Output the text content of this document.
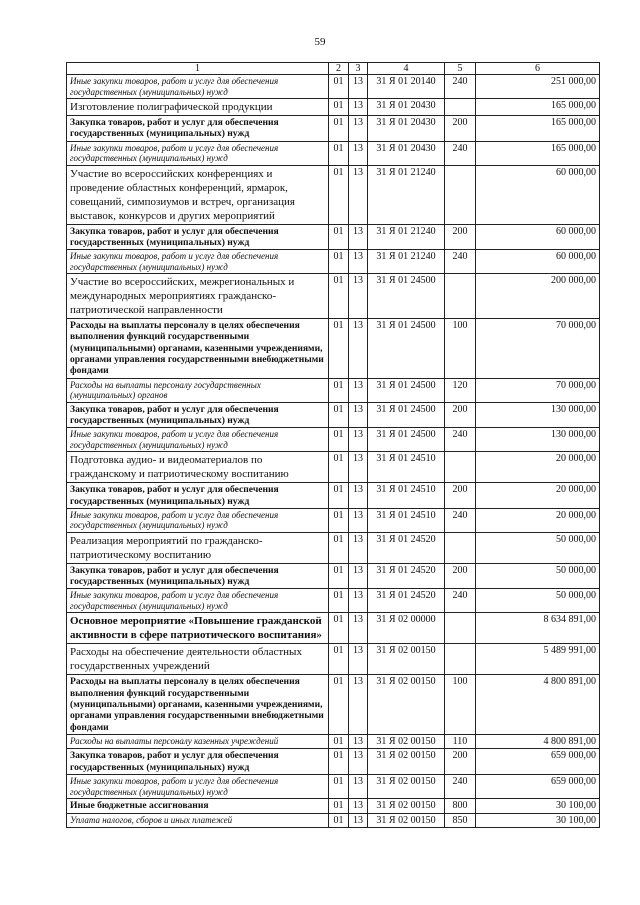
59
1	2	3	4	5	6
Иные закупки товаров, работ и услуг для обеспечения государственных (муниципальных) нужд	01	13	31 Я 01 20140	240	251 000,00
Изготовление полиграфической продукции	01	13	31 Я 01 20430		165 000,00
Закупка товаров, работ и услуг для обеспечения государственных (муниципальных) нужд	01	13	31 Я 01 20430	200	165 000,00
Иные закупки товаров, работ и услуг для обеспечения государственных (муниципальных) нужд	01	13	31 Я 01 20430	240	165 000,00
Участие во всероссийских конференциях и проведение областных конференций, ярмарок, совещаний, симпозиумов и встреч, организация выставок, конкурсов и других мероприятий	01	13	31 Я 01 21240		60 000,00
Закупка товаров, работ и услуг для обеспечения государственных (муниципальных) нужд	01	13	31 Я 01 21240	200	60 000,00
Иные закупки товаров, работ и услуг для обеспечения государственных (муниципальных) нужд	01	13	31 Я 01 21240	240	60 000,00
Участие во всероссийских, межрегиональных и международных мероприятиях гражданско-патриотической направленности	01	13	31 Я 01 24500		200 000,00
Расходы на выплаты персоналу в целях обеспечения выполнения функций государственными (муниципальными) органами, казенными учреждениями, органами управления государственными внебюджетными фондами	01	13	31 Я 01 24500	100	70 000,00
Расходы на выплаты персоналу государственных (муниципальных) органов	01	13	31 Я 01 24500	120	70 000,00
Закупка товаров, работ и услуг для обеспечения государственных (муниципальных) нужд	01	13	31 Я 01 24500	200	130 000,00
Иные закупки товаров, работ и услуг для обеспечения государственных (муниципальных) нужд	01	13	31 Я 01 24500	240	130 000,00
Подготовка аудио- и видеоматериалов по гражданскому и патриотическому воспитанию	01	13	31 Я 01 24510		20 000,00
Закупка товаров, работ и услуг для обеспечения государственных (муниципальных) нужд	01	13	31 Я 01 24510	200	20 000,00
Иные закупки товаров, работ и услуг для обеспечения государственных (муниципальных) нужд	01	13	31 Я 01 24510	240	20 000,00
Реализация мероприятий по гражданско-патриотическому воспитанию	01	13	31 Я 01 24520		50 000,00
Закупка товаров, работ и услуг для обеспечения государственных (муниципальных) нужд	01	13	31 Я 01 24520	200	50 000,00
Иные закупки товаров, работ и услуг для обеспечения государственных (муниципальных) нужд	01	13	31 Я 01 24520	240	50 000,00
Основное мероприятие «Повышение гражданской активности в сфере патриотического воспитания»	01	13	31 Я 02 00000		8 634 891,00
Расходы на обеспечение деятельности областных государственных учреждений	01	13	31 Я 02 00150		5 489 991,00
Расходы на выплаты персоналу в целях обеспечения выполнения функций государственными (муниципальными) органами, казенными учреждениями, органами управления государственными внебюджетными фондами	01	13	31 Я 02 00150	100	4 800 891,00
Расходы на выплаты персоналу казенных учреждений	01	13	31 Я 02 00150	110	4 800 891,00
Закупка товаров, работ и услуг для обеспечения государственных (муниципальных) нужд	01	13	31 Я 02 00150	200	659 000,00
Иные закупки товаров, работ и услуг для обеспечения государственных (муниципальных) нужд	01	13	31 Я 02 00150	240	659 000,00
Иные бюджетные ассигнования	01	13	31 Я 02 00150	800	30 100,00
Уплата налогов, сборов и иных платежей	01	13	31 Я 02 00150	850	30 100,00
